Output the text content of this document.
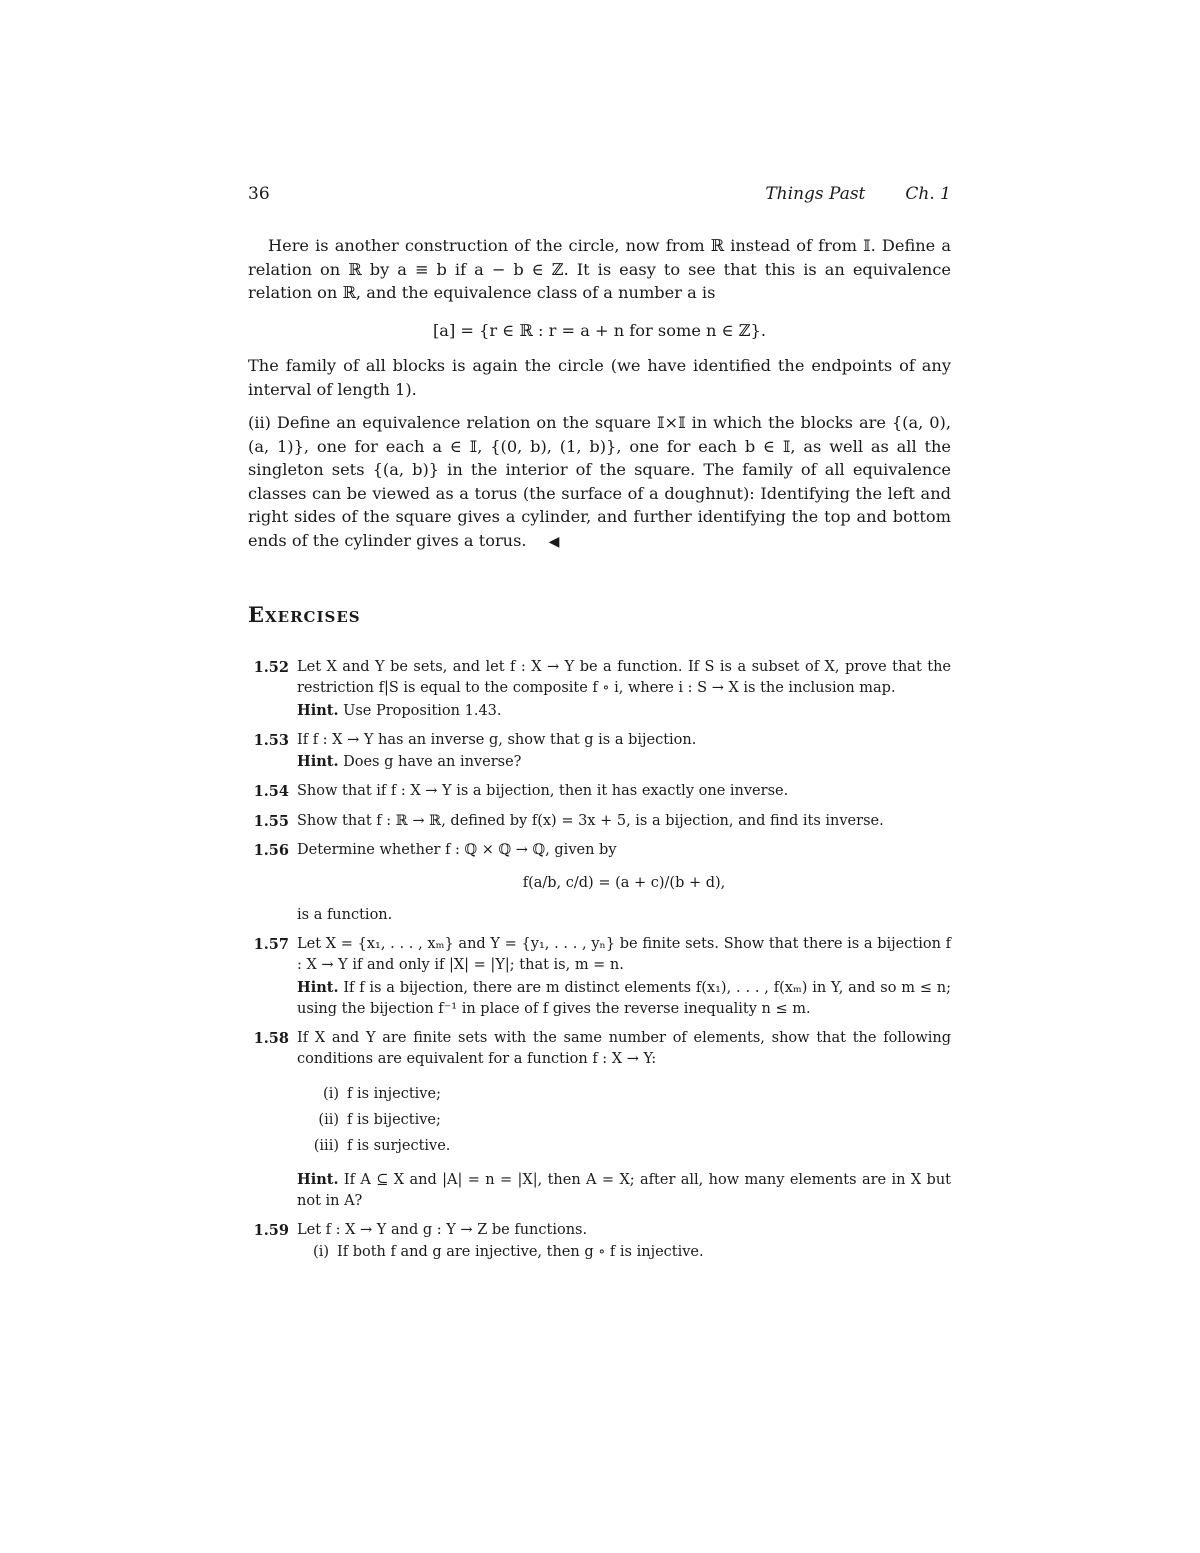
36	Things Past Ch. 1

Here is another construction of the circle, now from ℝ instead of from 𝕀. Define a relation on ℝ by a ≡ b if a − b ∈ ℤ. It is easy to see that this is an equivalence relation on ℝ, and the equivalence class of a number a is

[a] = {r ∈ ℝ : r = a + n for some n ∈ ℤ}.

The family of all blocks is again the circle (we have identified the endpoints of any interval of length 1).

(ii) Define an equivalence relation on the square 𝕀×𝕀 in which the blocks are {(a, 0), (a, 1)}, one for each a ∈ 𝕀, {(0, b), (1, b)}, one for each b ∈ 𝕀, as well as all the singleton sets {(a, b)} in the interior of the square. The family of all equivalence classes can be viewed as a torus (the surface of a doughnut): Identifying the left and right sides of the square gives a cylinder, and further identifying the top and bottom ends of the cylinder gives a torus. ◀

Exercises
1.52 Let X and Y be sets, and let f : X → Y be a function. If S is a subset of X, prove that the restriction f|S is equal to the composite f ∘ i, where i : S → X is the inclusion map.
Hint. Use Proposition 1.43.
1.53 If f : X → Y has an inverse g, show that g is a bijection.
Hint. Does g have an inverse?
1.54 Show that if f : X → Y is a bijection, then it has exactly one inverse.
1.55 Show that f : ℝ → ℝ, defined by f(x) = 3x + 5, is a bijection, and find its inverse.
1.56 Determine whether f : ℚ × ℚ → ℚ, given by
f(a/b, c/d) = (a + c)/(b + d),
is a function.
1.57 Let X = {x₁, . . . , xₘ} and Y = {y₁, . . . , yₙ} be finite sets. Show that there is a bijection f : X → Y if and only if |X| = |Y|; that is, m = n.
Hint. If f is a bijection, there are m distinct elements f(x₁), . . . , f(xₘ) in Y, and so m ≤ n; using the bijection f⁻¹ in place of f gives the reverse inequality n ≤ m.
1.58 If X and Y are finite sets with the same number of elements, show that the following conditions are equivalent for a function f : X → Y:
(i) f is injective;
(ii) f is bijective;
(iii) f is surjective.
Hint. If A ⊆ X and |A| = n = |X|, then A = X; after all, how many elements are in X but not in A?
1.59 Let f : X → Y and g : Y → Z be functions.
(i) If both f and g are injective, then g ∘ f is injective.
